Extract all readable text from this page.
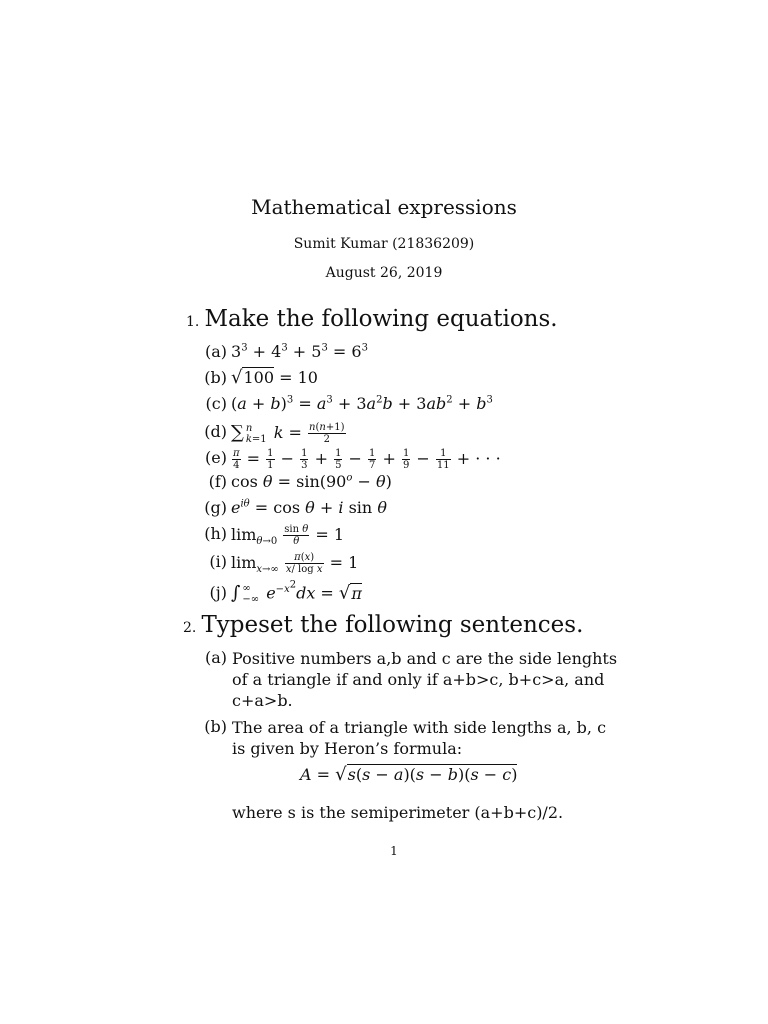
Mathematical expressions
Sumit Kumar (21836209)
August 26, 2019
1. Make the following equations.
(a) $3^3 + 4^3 + 5^3 = 6^3$
(b) √100 = 10
(c) $(a + b)^3 = a^3 + 3a^2b + 3ab^2 + b^3$
(d) ∑ n
k=1 $k = \frac{n(n+1)}{2}$
$(e) \frac{\pi}{4} = \frac{1}{1} - \frac{1}{3} + \frac{1}{5} - \frac{1}{7} + \frac{1}{9} - \frac{1}{11}$ + · · ·
(f) $\cos \theta = \sin(90^o - \theta)$
(g) $e^{i\theta} = \cos \theta + i$ sin θ
(h) $\lim_{\theta\to 0} \frac{\text{sin θ}}{\theta} = 1$
(i) $\lim_{x\to\infty} \frac{\pi(x)}{\text{x/ log x}} = 1$
(j) ∫ ∞
−∞ $e^{-x^2}dx = √\pi$
2. Typeset the following sentences.
(a) Positive numbers a,b and c are the side lenghts of a triangle if and only if a+b>c, b+c>a, and c+a>b.
(b) The area of a triangle with side lengths a, b, c is given by Heron’s formula:
A = √s(s − a)(s − b)(s − c)
where s is the semiperimeter (a+b+c)/2.
1
